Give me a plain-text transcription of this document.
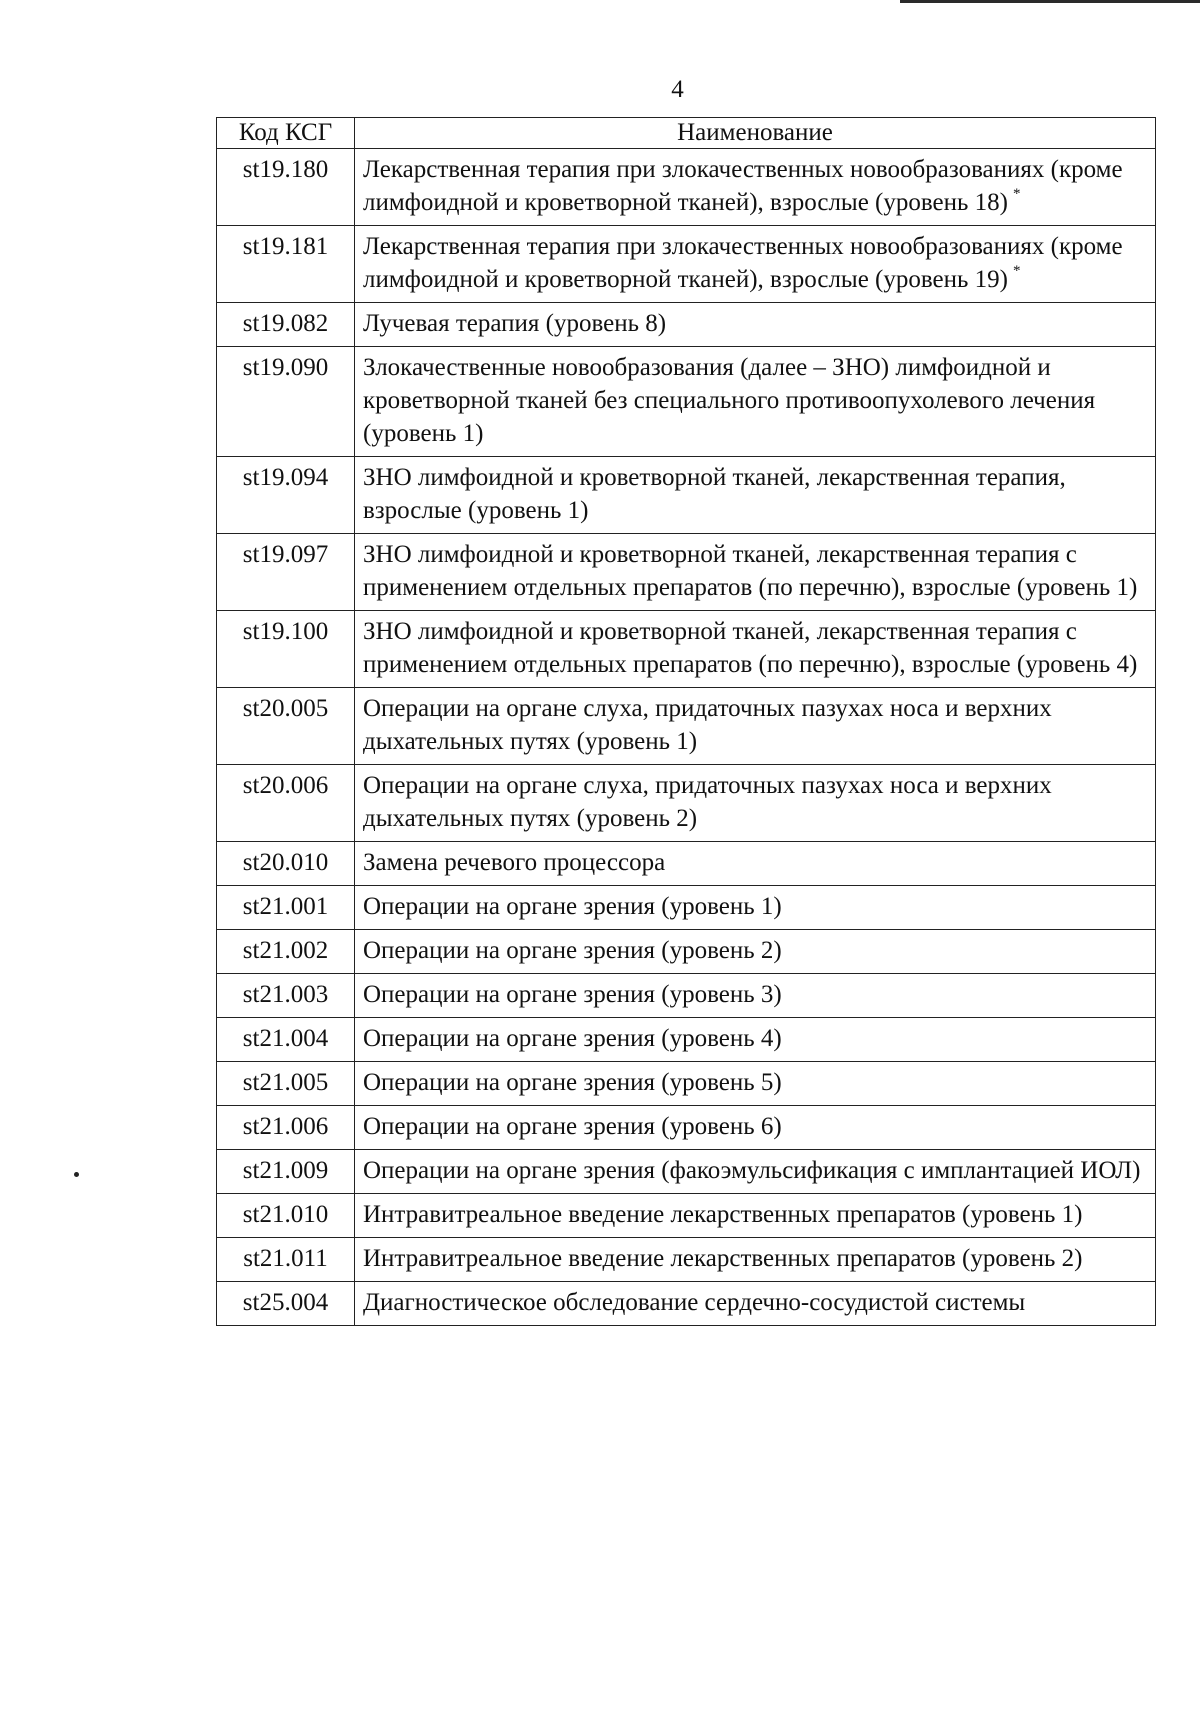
4
Код КСГ	Наименование
st19.180	Лекарственная терапия при злокачественных новообразованиях (кроме лимфоидной и кроветворной тканей), взрослые (уровень 18)  *
st19.181	Лекарственная терапия при злокачественных новообразованиях (кроме лимфоидной и кроветворной тканей), взрослые (уровень 19)  *
st19.082	Лучевая терапия (уровень 8)
st19.090	Злокачественные новообразования (далее – ЗНО) лимфоидной и кроветворной тканей без специального противоопухолевого лечения (уровень 1)
st19.094	ЗНО лимфоидной и кроветворной тканей, лекарственная терапия, взрослые (уровень 1)
st19.097	ЗНО лимфоидной и кроветворной тканей, лекарственная терапия с применением отдельных препаратов (по перечню), взрослые (уровень 1)
st19.100	ЗНО лимфоидной и кроветворной тканей, лекарственная терапия с применением отдельных препаратов (по перечню), взрослые (уровень 4)
st20.005	Операции на органе слуха, придаточных пазухах носа и верхних дыхательных путях (уровень 1)
st20.006	Операции на органе слуха, придаточных пазухах носа и верхних дыхательных путях (уровень 2)
st20.010	Замена речевого процессора
st21.001	Операции на органе зрения (уровень 1)
st21.002	Операции на органе зрения (уровень 2)
st21.003	Операции на органе зрения (уровень 3)
st21.004	Операции на органе зрения (уровень 4)
st21.005	Операции на органе зрения (уровень 5)
st21.006	Операции на органе зрения (уровень 6)
st21.009	Операции на органе зрения (факоэмульсификация с имплантацией ИОЛ)
st21.010	Интравитреальное введение лекарственных препаратов (уровень 1)
st21.011	Интравитреальное введение лекарственных препаратов (уровень 2)
st25.004	Диагностическое обследование сердечно-сосудистой системы
